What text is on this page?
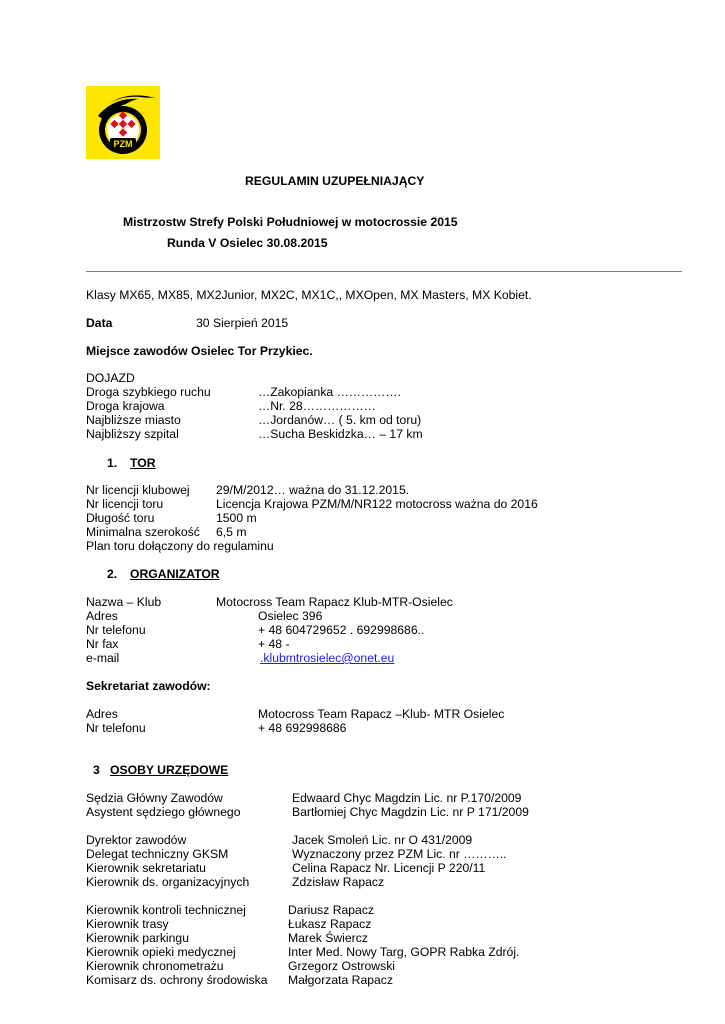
PZM
REGULAMIN UZUPEŁNIAJĄCY
Mistrzostw Strefy Polski Południowej w motocrossie 2015
Runda V Osielec 30.08.2015
Klasy MX65, MX85, MX2Junior, MX2C, MX1C,, MXOpen, MX Masters, MX Kobiet.
Data	30 Sierpień 2015
Miejsce zawodów Osielec Tor Przykiec.
DOJAZD
Droga szybkiego ruchu	…Zakopianka …………….
Droga krajowa	…Nr. 28………………
Najbliższe miasto	…Jordanów… ( 5. km od toru)
Najbliższy szpital	…Sucha Beskidzka… – 17 km
1. TOR
Nr licencji klubowej 29/M/2012… ważna do 31.12.2015.
Nr licencji toru	Licencja Krajowa PZM/M/NR122 motocross ważna do 2016
Długość toru	1500 m
Minimalna szerokość 6,5 m
Plan toru dołączony do regulaminu
2. ORGANIZATOR
Nazwa – Klub	Motocross Team Rapacz Klub-MTR-Osielec
Adres	Osielec 396
Nr telefonu	+ 48 604729652 . 692998686..
Nr fax	+ 48 -
e-mail	.klubmtrosielec@onet.eu
Sekretariat zawodów:
Adres	Motocross Team Rapacz –Klub- MTR Osielec
Nr telefonu	+ 48 692998686
3 OSOBY URZĘDOWE
Sędzia Główny Zawodów	Edwaard Chyc Magdzin Lic. nr P.170/2009
Asystent sędziego głównego	Bartłomiej Chyc Magdzin Lic. nr P 171/2009
Dyrektor zawodów	Jacek Smoleń Lic. nr O 431/2009
Delegat techniczny GKSM	Wyznaczony przez PZM Lic. nr ………..
Kierownik sekretariatu	Celina Rapacz Nr. Licencji P 220/11
Kierownik ds. organizacyjnych	Zdzisław Rapacz
Kierownik kontroli technicznej	Dariusz Rapacz
Kierownik trasy	Łukasz Rapacz
Kierownik parkingu	Marek Świercz
Kierownik opieki medycznej	Inter Med. Nowy Targ, GOPR Rabka Zdrój.
Kierownik chronometrażu	Grzegorz Ostrowski
Komisarz ds. ochrony środowiska Małgorzata Rapacz
